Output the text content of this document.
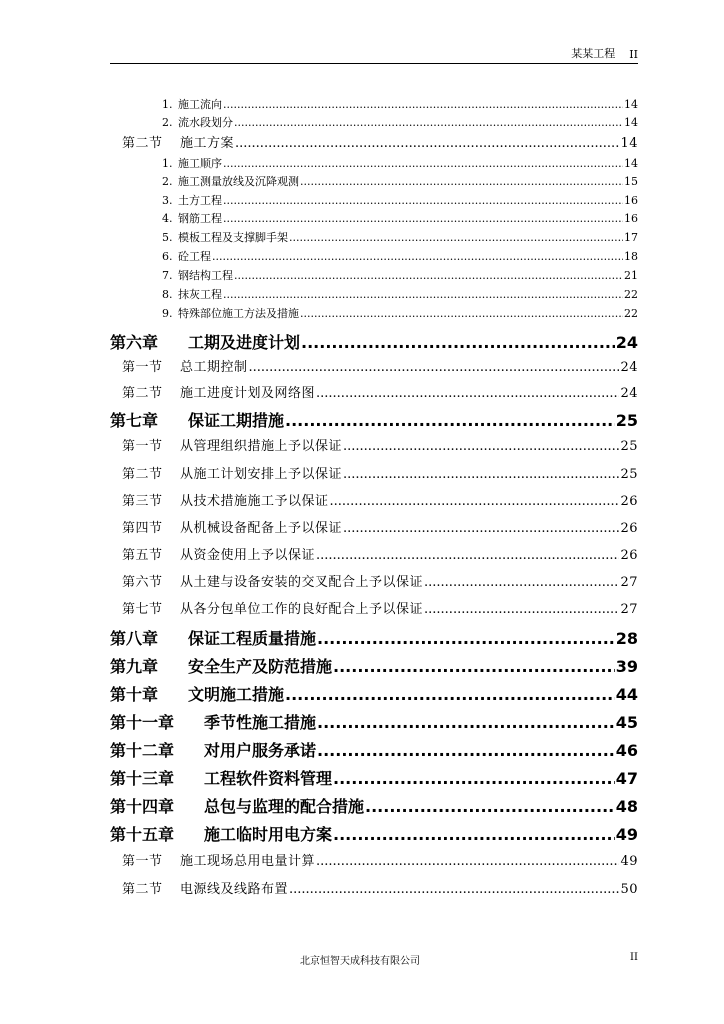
某某工程 II
1. 施工流向 .....	14
2. 流水段划分 .....	14
第二节	施工方案 .....	14
1. 施工顺序 .....	14
2. 施工测量放线及沉降观测 .....	15
3. 土方工程 .....	16
4. 钢筋工程 .....	16
5. 模板工程及支撑脚手架 .....	17
6. 砼工程 .....	18
7. 钢结构工程 .....	21
8. 抹灰工程 .....	22
9. 特殊部位施工方法及措施 .....	22
第六章	工期及进度计划 .....	24
第一节	总工期控制 .....	24
第二节	施工进度计划及网络图 .....	24
第七章	保证工期措施 .....	25
第一节	从管理组织措施上予以保证 .....	25
第二节	从施工计划安排上予以保证 .....	25
第三节	从技术措施施工予以保证 .....	26
第四节	从机械设备配备上予以保证 .....	26
第五节	从资金使用上予以保证 .....	26
第六节	从土建与设备安装的交叉配合上予以保证 .....	27
第七节	从各分包单位工作的良好配合上予以保证 .....	27
第八章	保证工程质量措施 .....	28
第九章	安全生产及防范措施 .....	39
第十章	文明施工措施 .....	44
第十一章	季节性施工措施 .....	45
第十二章	对用户服务承诺 .....	46
第十三章	工程软件资料管理 .....	47
第十四章	总包与监理的配合措施 .....	48
第十五章	施工临时用电方案 .....	49
第一节	施工现场总用电量计算 .....	49
第二节	电源线及线路布置 .....	50
北京恒智天成科技有限公司	II
